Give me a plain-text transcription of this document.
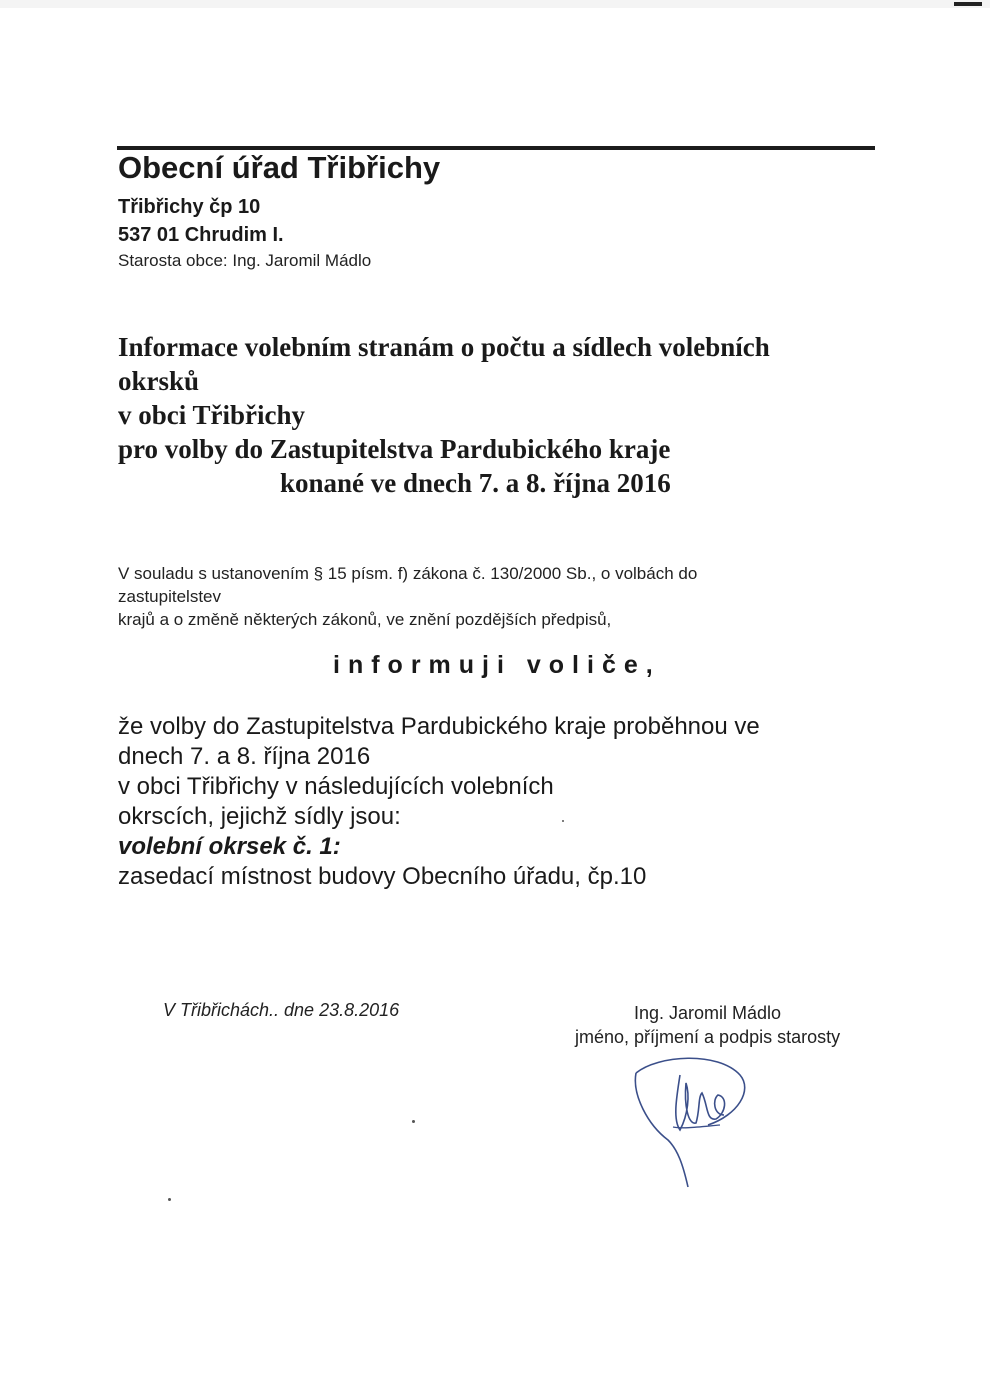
Obecní úřad Třibřichy
Třibřichy čp 10
537 01 Chrudim I.
Starosta obce: Ing. Jaromil Mádlo
Informace volebním stranám o počtu a sídlech volebních
okrsků
v obci Třibřichy
pro volby do Zastupitelstva Pardubického kraje
konané ve dnech 7. a 8. října 2016
V souladu s ustanovením § 15 písm. f) zákona č. 130/2000 Sb., o volbách do
zastupitelstev
krajů a o změně některých zákonů, ve znění pozdějších předpisů,
informuji voliče,
že volby do Zastupitelstva Pardubického kraje proběhnou ve
dnech 7. a 8. října 2016
v obci Třibřichy v následujících volebních
okrscích, jejichž sídly jsou:
volební okrsek č. 1:
zasedací místnost budovy Obecního úřadu, čp.10
V Třibřichách.. dne 23.8.2016	Ing. Jaromil Mádlo
jméno, příjmení a podpis starosty
